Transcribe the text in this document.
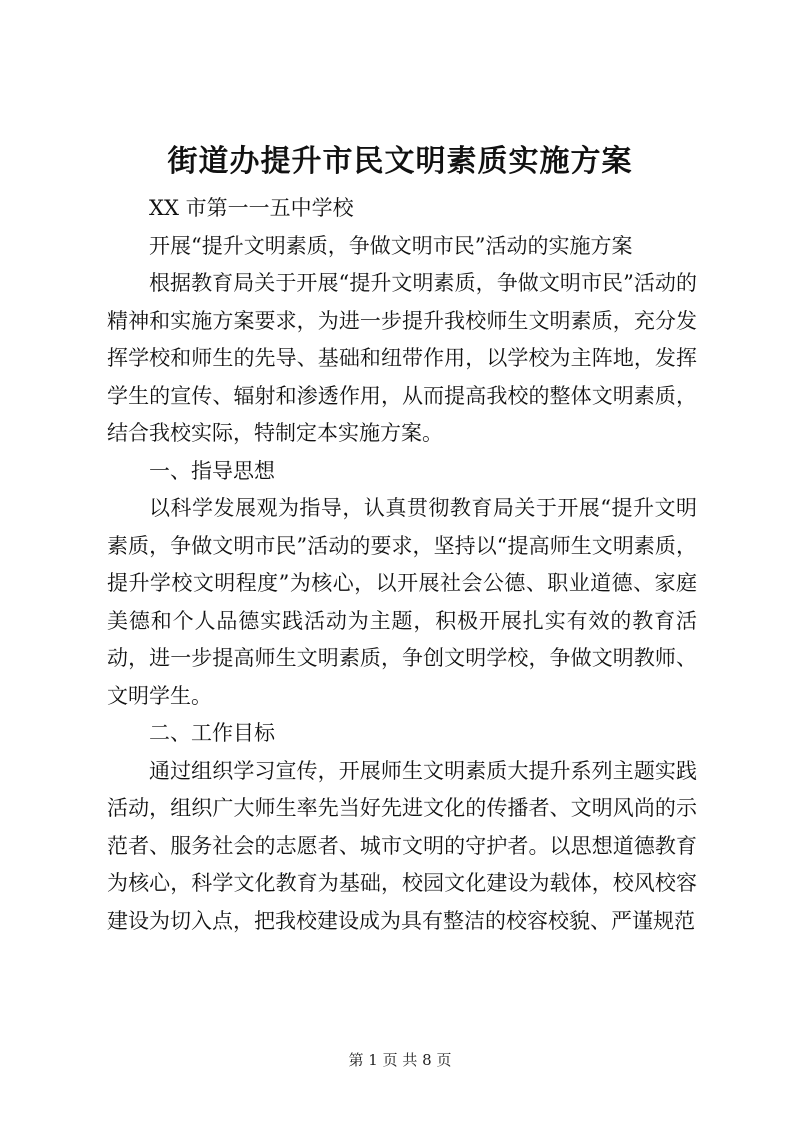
街道办提升市民文明素质实施方案

XX 市第一一五中学校

开展“提升文明素质，争做文明市民”活动的实施方案

根据教育局关于开展“提升文明素质，争做文明市民”活动的精神和实施方案要求，为进一步提升我校师生文明素质，充分发挥学校和师生的先导、基础和纽带作用，以学校为主阵地，发挥学生的宣传、辐射和渗透作用，从而提高我校的整体文明素质，结合我校实际，特制定本实施方案。

一、指导思想

以科学发展观为指导，认真贯彻教育局关于开展“提升文明素质，争做文明市民”活动的要求，坚持以“提高师生文明素质，提升学校文明程度”为核心，以开展社会公德、职业道德、家庭美德和个人品德实践活动为主题，积极开展扎实有效的教育活动，进一步提高师生文明素质，争创文明学校，争做文明教师、文明学生。

二、工作目标

通过组织学习宣传，开展师生文明素质大提升系列主题实践活动，组织广大师生率先当好先进文化的传播者、文明风尚的示范者、服务社会的志愿者、城市文明的守护者。以思想道德教育为核心，科学文化教育为基础，校园文化建设为载体，校风校容建设为切入点，把我校建设成为具有整洁的校容校貌、严谨规范

第 1 页 共 8 页
